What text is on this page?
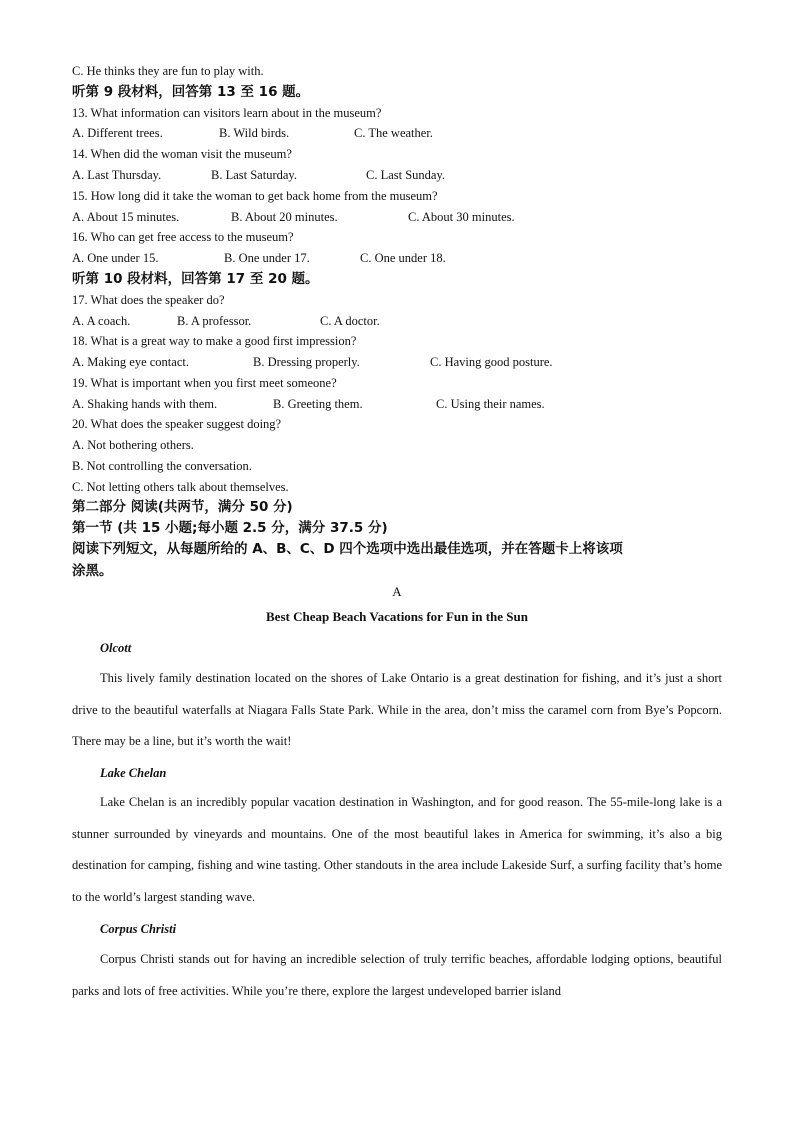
C. He thinks they are fun to play with.
听第 9 段材料，回答第 13 至 16 题。
13. What information can visitors learn about in the museum?
A. Different trees.	B. Wild birds.	C. The weather.
14. When did the woman visit the museum?
A. Last Thursday.	B. Last Saturday.	C. Last Sunday.
15. How long did it take the woman to get back home from the museum?
A. About 15 minutes.	B. About 20 minutes.	C. About 30 minutes.
16. Who can get free access to the museum?
A. One under 15.	B. One under 17.	C. One under 18.
听第 10 段材料，回答第 17 至 20 题。
17. What does the speaker do?
A. A coach.	B. A professor.	C. A doctor.
18. What is a great way to make a good first impression?
A. Making eye contact.	B. Dressing properly.	C. Having good posture.
19. What is important when you first meet someone?
A. Shaking hands with them.	B. Greeting them.	C. Using their names.
20. What does the speaker suggest doing?
A. Not bothering others.
B. Not controlling the conversation.
C. Not letting others talk about themselves.
第二部分 阅读(共两节，满分 50 分)
第一节 (共 15 小题;每小题 2.5 分，满分 37.5 分)
阅读下列短文，从每题所给的 A、B、C、D 四个选项中选出最佳选项，并在答题卡上将该项
涂黑。
A
Best Cheap Beach Vacations for Fun in the Sun
Olcott
This lively family destination located on the shores of Lake Ontario is a great destination for fishing, and it’s just a short drive to the beautiful waterfalls at Niagara Falls State Park. While in the area, don’t miss the caramel corn from Bye’s Popcorn. There may be a line, but it’s worth the wait!
Lake Chelan
Lake Chelan is an incredibly popular vacation destination in Washington, and for good reason. The 55-mile-long lake is a stunner surrounded by vineyards and mountains. One of the most beautiful lakes in America for swimming, it’s also a big destination for camping, fishing and wine tasting. Other standouts in the area include Lakeside Surf, a surfing facility that’s home to the world’s largest standing wave.
Corpus Christi
Corpus Christi stands out for having an incredible selection of truly terrific beaches, affordable lodging options, beautiful parks and lots of free activities. While you’re there, explore the largest undeveloped barrier island
